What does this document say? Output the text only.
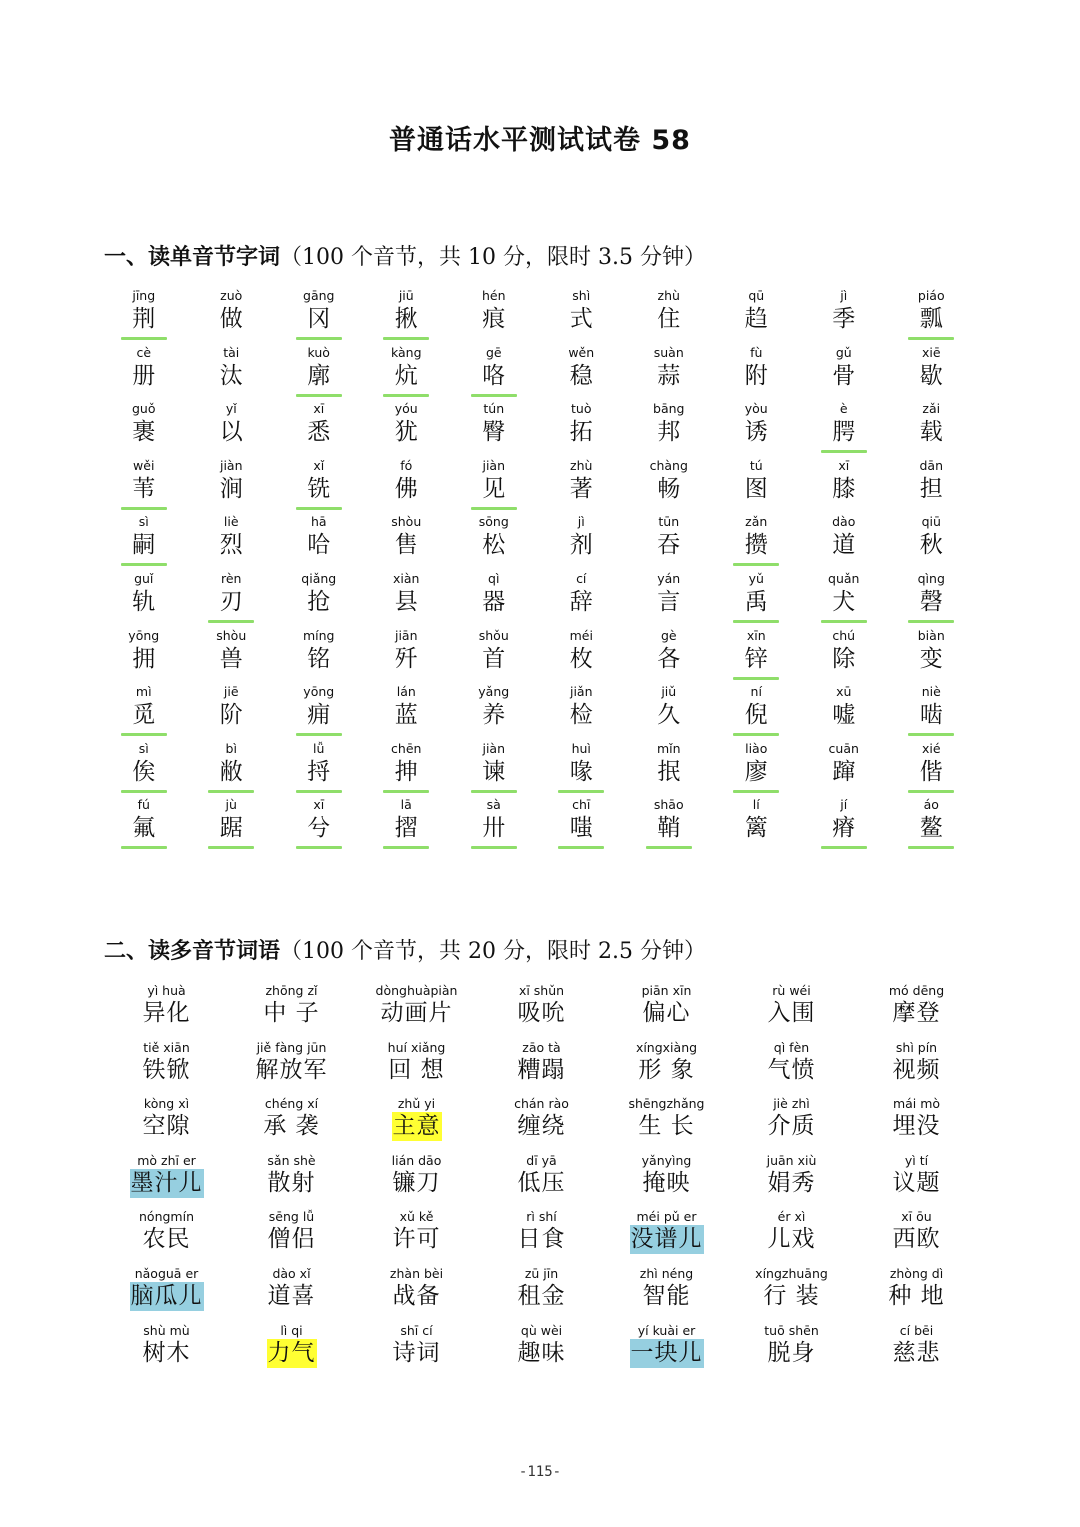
普通话水平测试试卷 58
一、读单音节字词（100 个音节，共 10 分，限时 3.5 分钟）
jīng
荆
zuò
做
gāng
冈
jiū
揪
hén
痕
shì
式
zhù
住
qū
趋
jì
季
piáo
瓢
cè
册
tài
汰
kuò
廓
kàng
炕
gē
咯
wěn
稳
suàn
蒜
fù
附
gǔ
骨
xiē
歇
guǒ
裹
yǐ
以
xī
悉
yóu
犹
tún
臀
tuò
拓
bāng
邦
yòu
诱
è
腭
zǎi
载
wěi
苇
jiàn
涧
xǐ
铣
fó
佛
jiàn
见
zhù
著
chàng
畅
tú
图
xī
膝
dān
担
sì
嗣
liè
烈
hā
哈
shòu
售
sōng
松
jì
剂
tūn
吞
zǎn
攒
dào
道
qiū
秋
guǐ
轨
rèn
刃
qiǎng
抢
xiàn
县
qì
器
cí
辞
yán
言
yǔ
禹
quǎn
犬
qìng
磬
yōng
拥
shòu
兽
míng
铭
jiān
歼
shǒu
首
méi
枚
gè
各
xīn
锌
chú
除
biàn
变
mì
觅
jiē
阶
yōng
痈
lán
蓝
yǎng
养
jiǎn
检
jiǔ
久
ní
倪
xū
嘘
niè
啮
sì
俟
bì
敝
lǚ
捋
chēn
抻
jiàn
谏
huì
喙
mǐn
抿
liào
廖
cuān
蹿
xié
偕
fú
氟
jù
踞
xī
兮
lā
摺
sà
卅
chī
嗤
shāo
鞘
lí
篱
jí
瘠
áo
鳌
二、读多音节词语（100 个音节，共 20 分，限时 2.5 分钟）
yì huà
异化
zhōng zǐ
中 子
dònghuàpiàn
动画片
xī shǔn
吸吮
piān xīn
偏心
rù wéi
入围
mó dēng
摩登
tiě xiān
铁锨
jiě fàng jūn
解放军
huí xiǎng
回 想
zāo tà
糟蹋
xíngxiàng
形 象
qì fèn
气愤
shì pín
视频
kòng xì
空隙
chéng xí
承 袭
zhǔ yi
主意
chán rào
缠绕
shēngzhǎng
生 长
jiè zhì
介质
mái mò
埋没
mò zhī er
墨汁儿
sǎn shè
散射
lián dāo
镰刀
dī yā
低压
yǎnyìng
掩映
juān xiù
娟秀
yì tí
议题
nóngmín
农民
sēng lǚ
僧侣
xǔ kě
许可
rì shí
日食
méi pǔ er
没谱儿
ér xì
儿戏
xī ōu
西欧
nǎoguā er
脑瓜儿
dào xǐ
道喜
zhàn bèi
战备
zū jīn
租金
zhì néng
智能
xíngzhuāng
行 装
zhòng dì
种 地
shù mù
树木
lì qi
力气
shī cí
诗词
qù wèi
趣味
yí kuài er
一块儿
tuō shēn
脱身
cí bēi
慈悲
-115-
